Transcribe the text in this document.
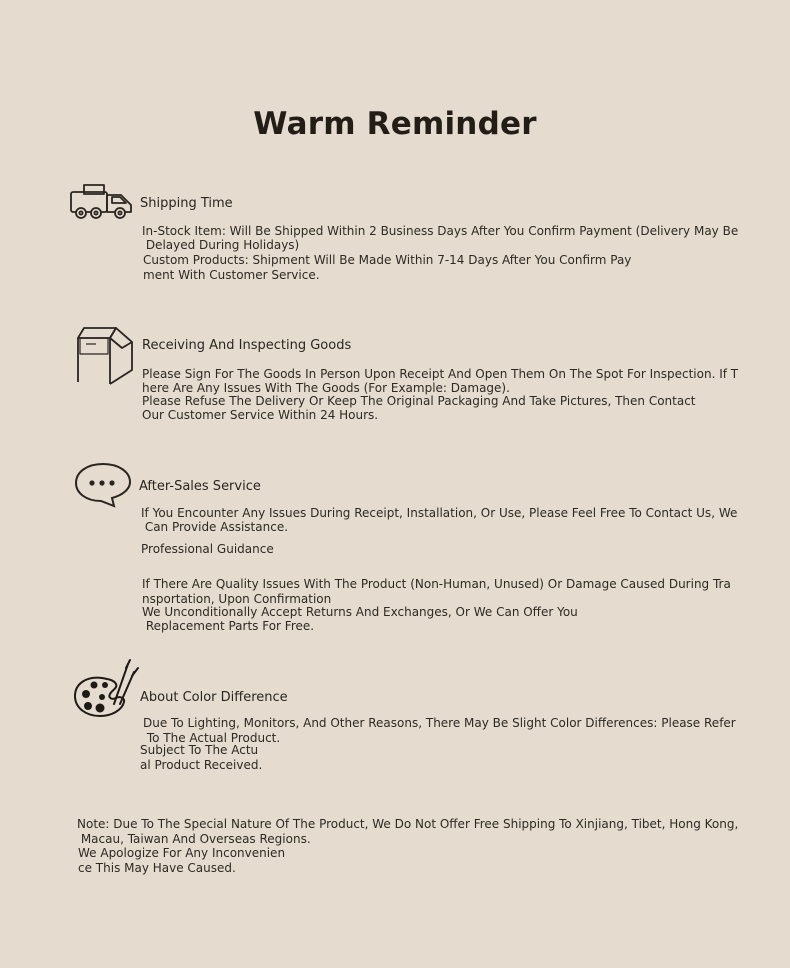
Warm Reminder
Shipping Time
In-Stock Item: Will Be Shipped Within 2 Business Days After You Confirm Payment (Delivery May Be
Delayed During Holidays)
Custom Products: Shipment Will Be Made Within 7-14 Days After You Confirm Pay
ment With Customer Service.
Receiving And Inspecting Goods
Please Sign For The Goods In Person Upon Receipt And Open Them On The Spot For Inspection. If T
here Are Any Issues With The Goods (For Example: Damage).
Please Refuse The Delivery Or Keep The Original Packaging And Take Pictures, Then Contact
Our Customer Service Within 24 Hours.
After-Sales Service
If You Encounter Any Issues During Receipt, Installation, Or Use, Please Feel Free To Contact Us, We
Can Provide Assistance.
Professional Guidance
If There Are Quality Issues With The Product (Non-Human, Unused) Or Damage Caused During Tra
nsportation, Upon Confirmation
We Unconditionally Accept Returns And Exchanges, Or We Can Offer You
Replacement Parts For Free.
About Color Difference
Due To Lighting, Monitors, And Other Reasons, There May Be Slight Color Differences: Please Refer
To The Actual Product.
Subject To The Actu
al Product Received.
Note: Due To The Special Nature Of The Product, We Do Not Offer Free Shipping To Xinjiang, Tibet, Hong Kong,
Macau, Taiwan And Overseas Regions.
We Apologize For Any Inconvenien
ce This May Have Caused.
